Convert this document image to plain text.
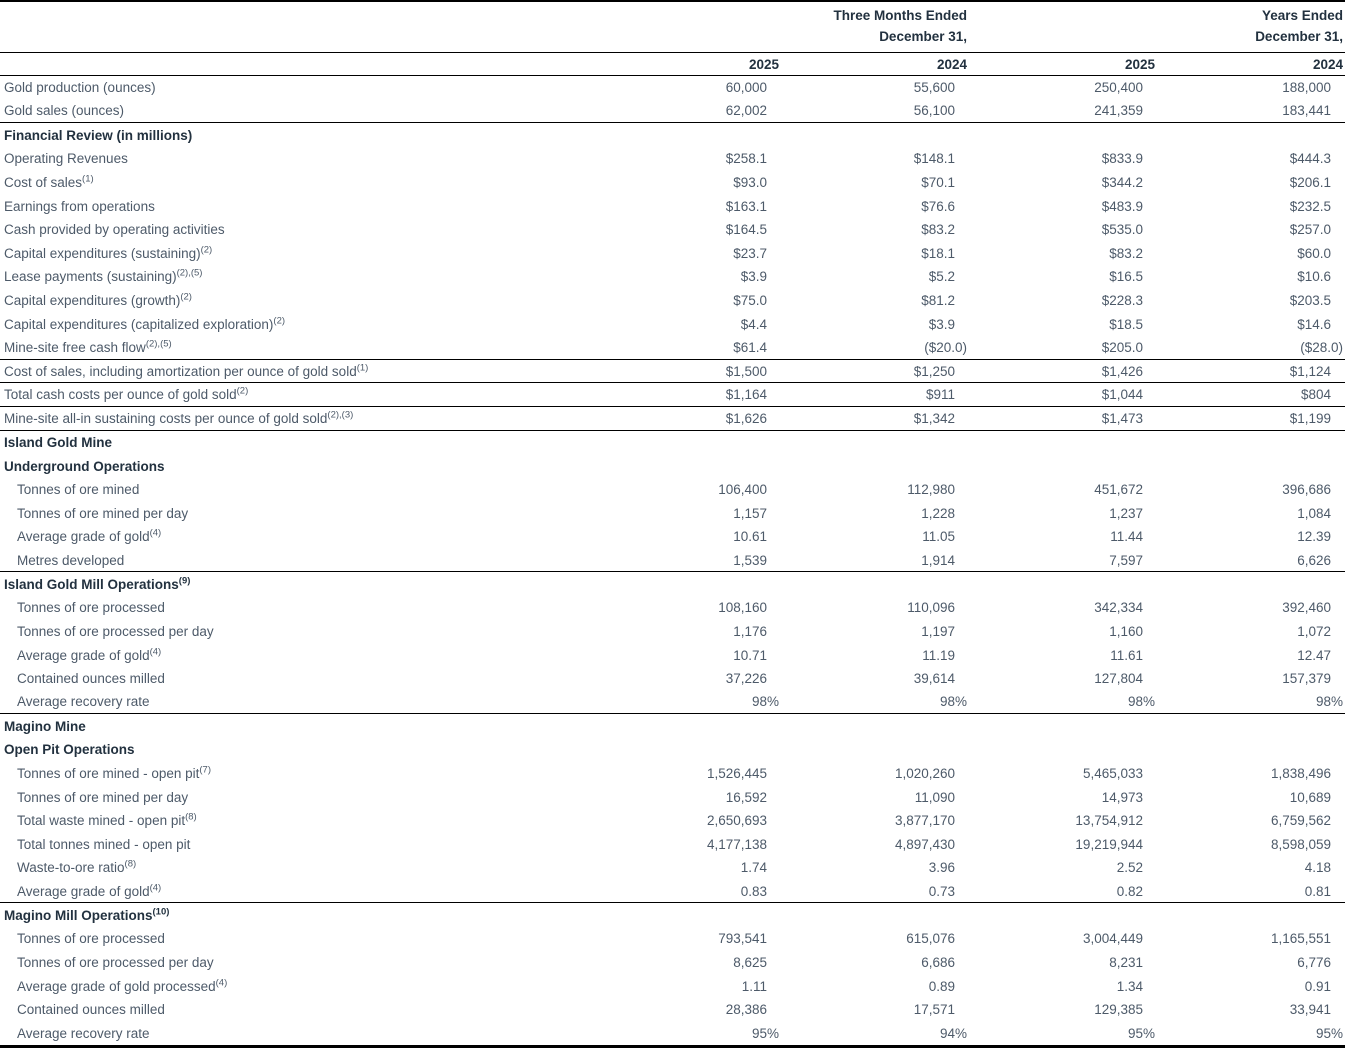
Three Months Ended	Years Ended
December 31,	December 31,
2025	2024	2025	2024
Gold production (ounces)	60,000	55,600	250,400	188,000
Gold sales (ounces)	62,002	56,100	241,359	183,441
Financial Review (in millions)
Operating Revenues	$258.1	$148.1	$833.9	$444.3
Cost of sales$^{(1)}$	$93.0	$70.1	$344.2	$206.1
Earnings from operations	$163.1	$76.6	$483.9	$232.5
Cash provided by operating activities	$164.5	$83.2	$535.0	$257.0
Capital expenditures (sustaining)$^{(2)}$	$23.7	$18.1	$83.2	$60.0
Lease payments (sustaining)$^{(2),(5)}$	$3.9	$5.2	$16.5	$10.6
Capital expenditures (growth)$^{(2)}$	$75.0	$81.2	$228.3	$203.5
Capital expenditures (capitalized exploration)$^{(2)}$	$4.4	$3.9	$18.5	$14.6
Mine-site free cash flow$^{(2),(5)}$	$61.4	($20.0)	$205.0	($28.0)
Cost of sales, including amortization per ounce of gold sold$^{(1)}$	$1,500	$1,250	$1,426	$1,124
Total cash costs per ounce of gold sold$^{(2)}$	$1,164	$911	$1,044	$804
Mine-site all-in sustaining costs per ounce of gold sold$^{(2),(3)}$	$1,626	$1,342	$1,473	$1,199
Island Gold Mine
Underground Operations
Tonnes of ore mined	106,400	112,980	451,672	396,686
Tonnes of ore mined per day	1,157	1,228	1,237	1,084
Average grade of gold$^{(4)}$	10.61	11.05	11.44	12.39
Metres developed	1,539	1,914	7,597	6,626
Island Gold Mill Operations$^{(9)}$
Tonnes of ore processed	108,160	110,096	342,334	392,460
Tonnes of ore processed per day	1,176	1,197	1,160	1,072
Average grade of gold$^{(4)}$	10.71	11.19	11.61	12.47
Contained ounces milled	37,226	39,614	127,804	157,379
Average recovery rate	98%	98%	98%	98%
Magino Mine
Open Pit Operations
Tonnes of ore mined - open pit$^{(7)}$	1,526,445	1,020,260	5,465,033	1,838,496
Tonnes of ore mined per day	16,592	11,090	14,973	10,689
Total waste mined - open pit$^{(8)}$	2,650,693	3,877,170	13,754,912	6,759,562
Total tonnes mined - open pit	4,177,138	4,897,430	19,219,944	8,598,059
Waste-to-ore ratio$^{(8)}$	1.74	3.96	2.52	4.18
Average grade of gold$^{(4)}$	0.83	0.73	0.82	0.81
Magino Mill Operations$^{(10)}$
Tonnes of ore processed	793,541	615,076	3,004,449	1,165,551
Tonnes of ore processed per day	8,625	6,686	8,231	6,776
Average grade of gold processed$^{(4)}$	1.11	0.89	1.34	0.91
Contained ounces milled	28,386	17,571	129,385	33,941
Average recovery rate	95%	94%	95%	95%
